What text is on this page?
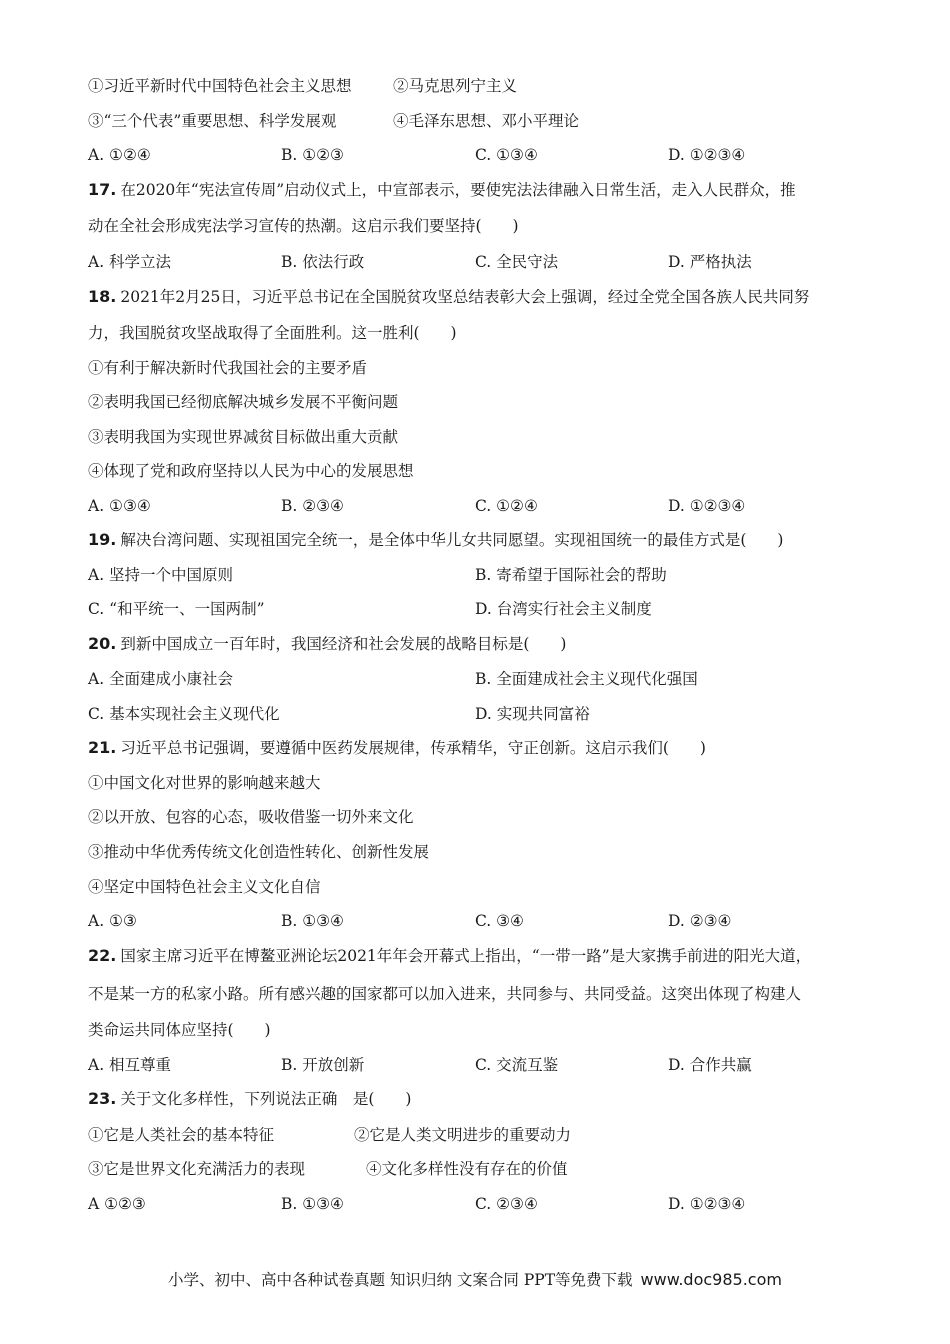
①习近平新时代中国特色社会主义思想	②马克思列宁主义
③“三个代表”重要思想、科学发展观	④毛泽东思想、邓小平理论
A. ①②④	B. ①②③	C. ①③④	D. ①②③④
17. 在2020年“宪法宣传周”启动仪式上，中宣部表示，要使宪法法律融入日常生活，走入人民群众，推
动在全社会形成宪法学习宣传的热潮。这启示我们要坚持(　　)
A. 科学立法	B. 依法行政	C. 全民守法	D. 严格执法
18. 2021年2月25日，习近平总书记在全国脱贫攻坚总结表彰大会上强调，经过全党全国各族人民共同努
力，我国脱贫攻坚战取得了全面胜利。这一胜利(　　)
①有利于解决新时代我国社会的主要矛盾
②表明我国已经彻底解决城乡发展不平衡问题
③表明我国为实现世界减贫目标做出重大贡献
④体现了党和政府坚持以人民为中心的发展思想
A. ①③④	B. ②③④	C. ①②④	D. ①②③④
19. 解决台湾问题、实现祖国完全统一，是全体中华儿女共同愿望。实现祖国统一的最佳方式是(　　)
A. 坚持一个中国原则	B. 寄希望于国际社会的帮助
C. “和平统一、一国两制”	D. 台湾实行社会主义制度
20. 到新中国成立一百年时，我国经济和社会发展的战略目标是(　　)
A. 全面建成小康社会	B. 全面建成社会主义现代化强国
C. 基本实现社会主义现代化	D. 实现共同富裕
21. 习近平总书记强调，要遵循中医药发展规律，传承精华，守正创新。这启示我们(　　)
①中国文化对世界的影响越来越大
②以开放、包容的心态，吸收借鉴一切外来文化
③推动中华优秀传统文化创造性转化、创新性发展
④坚定中国特色社会主义文化自信
A. ①③	B. ①③④	C. ③④	D. ②③④
22. 国家主席习近平在博鳌亚洲论坛2021年年会开幕式上指出，“一带一路”是大家携手前进的阳光大道，
不是某一方的私家小路。所有感兴趣的国家都可以加入进来，共同参与、共同受益。这突出体现了构建人
类命运共同体应坚持(　　)
A. 相互尊重	B. 开放创新	C. 交流互鉴	D. 合作共赢
23. 关于文化多样性，下列说法正确　是(　　)
①它是人类社会的基本特征	②它是人类文明进步的重要动力
③它是世界文化充满活力的表现	④文化多样性没有存在的价值
A ①②③	B. ①③④	C. ②③④	D. ①②③④
小学、初中、高中各种试卷真题 知识归纳 文案合同 PPT等免费下载 www.doc985.com
